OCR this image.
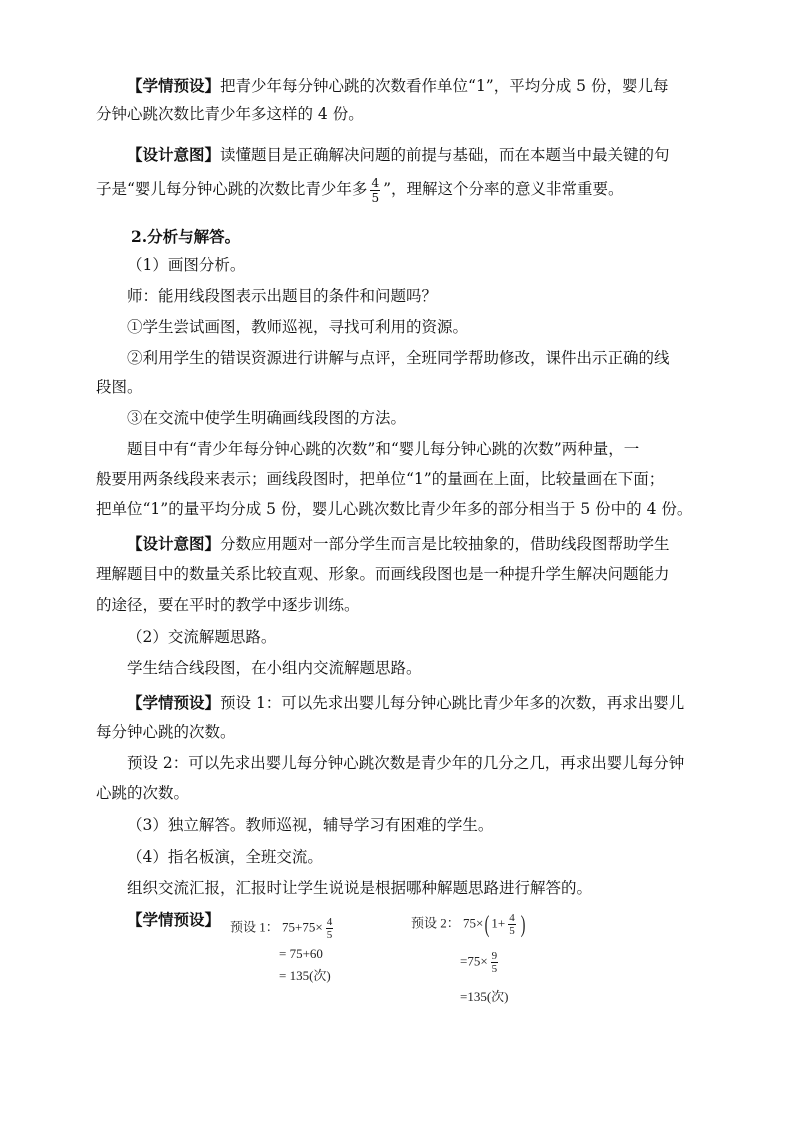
【学情预设】把青少年每分钟心跳的次数看作单位“1”，平均分成 5 份，婴儿每

分钟心跳次数比青少年多这样的 4 份。

【设计意图】读懂题目是正确解决问题的前提与基础，而在本题当中最关键的句

子是“婴儿每分钟心跳的次数比青少年多 $\frac{4}{5}$ ”，理解这个分率的意义非常重要。

2.分析与解答。

（1）画图分析。

师：能用线段图表示出题目的条件和问题吗？

①学生尝试画图，教师巡视，寻找可利用的资源。

②利用学生的错误资源进行讲解与点评，全班同学帮助修改，课件出示正确的线

段图。

③在交流中使学生明确画线段图的方法。

题目中有“青少年每分钟心跳的次数”和“婴儿每分钟心跳的次数”两种量，一

般要用两条线段来表示；画线段图时，把单位“1”的量画在上面，比较量画在下面；

把单位“1”的量平均分成 5 份，婴儿心跳次数比青少年多的部分相当于 5 份中的 4 份。

【设计意图】分数应用题对一部分学生而言是比较抽象的，借助线段图帮助学生

理解题目中的数量关系比较直观、形象。而画线段图也是一种提升学生解决问题能力

的途径，要在平时的教学中逐步训练。

（2）交流解题思路。

学生结合线段图，在小组内交流解题思路。

【学情预设】预设 1：可以先求出婴儿每分钟心跳比青少年多的次数，再求出婴儿

每分钟心跳的次数。

预设 2：可以先求出婴儿每分钟心跳次数是青少年的几分之几，再求出婴儿每分钟

心跳的次数。

（3）独立解答。教师巡视，辅导学习有困难的学生。

（4）指名板演，全班交流。

组织交流汇报，汇报时让学生说说是根据哪种解题思路进行解答的。

【学情预设】 预设 1： $75+75\times \frac{4}{5}$
= 75+60
= 135(次)
预设 2： 75×( $1+ \frac{4}{5}$ )
$=75\times \frac{9}{5}$
=135(次)
